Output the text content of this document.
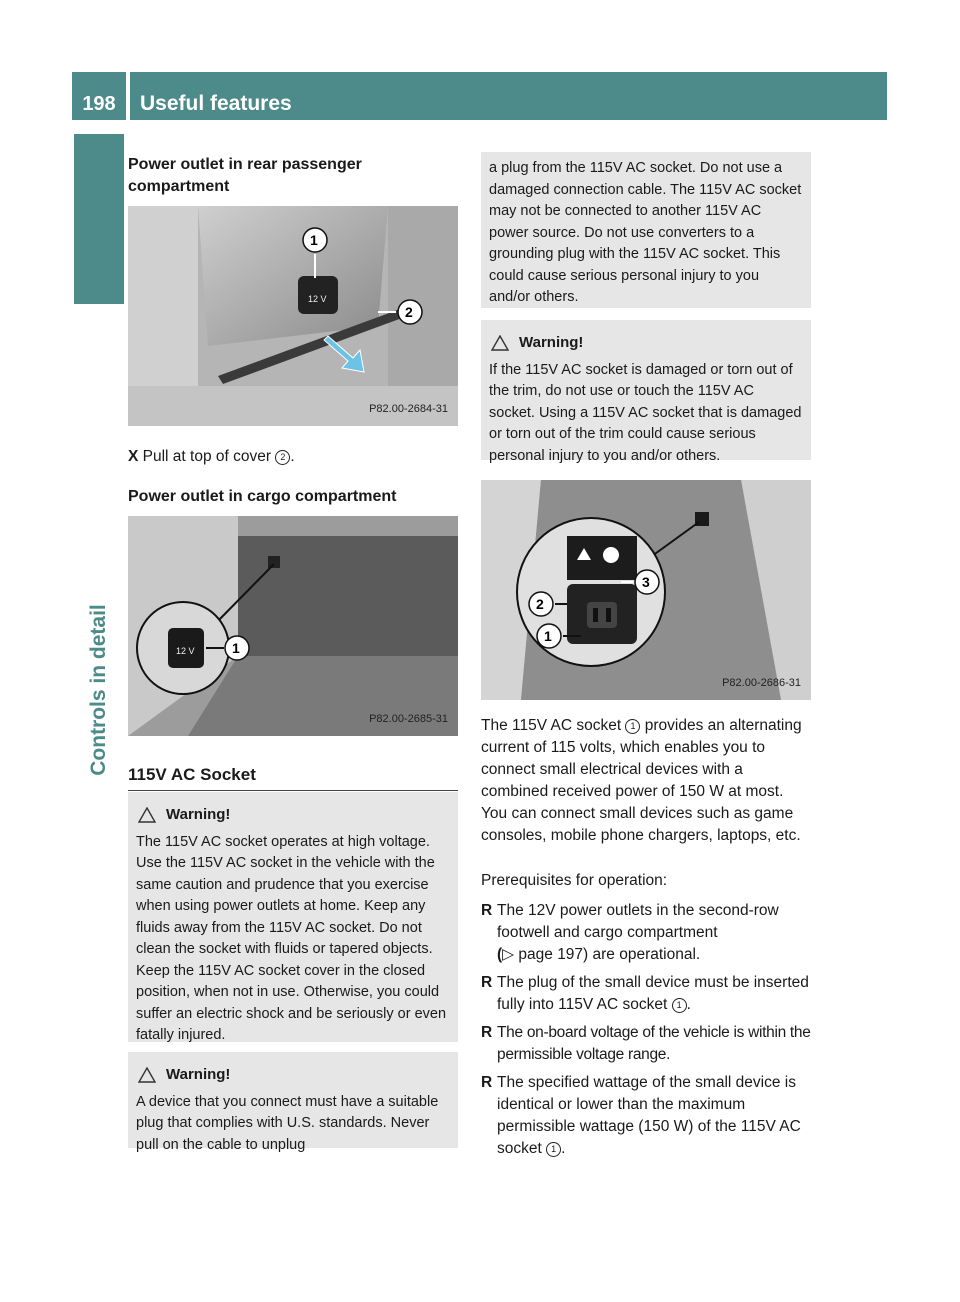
198	Useful features
Controls in detail
Power outlet in rear passenger compartment
12 V
1
2
P82.00-2684-31
X Pull at top of cover 2 .
Power outlet in cargo compartment
12 V	1
P82.00-2685-31
115V AC Socket
Warning!
The 115V AC socket operates at high voltage. Use the 115V AC socket in the vehicle with the same caution and prudence that you exercise when using power outlets at home. Keep any fluids away from the 115V AC socket. Do not clean the socket with fluids or tapered objects. Keep the 115V AC socket cover in the closed position, when not in use. Otherwise, you could suffer an electric shock and be seriously or even fatally injured.
Warning!
A device that you connect must have a suitable plug that complies with U.S. standards. Never pull on the cable to unplug
a plug from the 115V AC socket. Do not use a damaged connection cable. The 115V AC socket may not be connected to another 115V AC power source. Do not use converters to a grounding plug with the 115V AC socket. This could cause serious personal injury to you and/or others.
Warning!
If the 115V AC socket is damaged or torn out of the trim, do not use or touch the 115V AC socket. Using a 115V AC socket that is damaged or torn out of the trim could cause serious personal injury to you and/or others.
3
2
1
P82.00-2686-31
The 115V AC socket 1 provides an alternating current of 115 volts, which enables you to connect small electrical devices with a combined received power of 150 W at most. You can connect small devices such as game consoles, mobile phone chargers, laptops, etc.
Prerequisites for operation:
R The 12V power outlets in the second-row footwell and cargo compartment
(▷ page 197) are operational.
R The plug of the small device must be inserted fully into 115V AC socket 1 .
R The on-board voltage of the vehicle is within the permissible voltage range.
R The specified wattage of the small device is identical or lower than the maximum permissible wattage (150 W) of the 115V AC socket 1 .
